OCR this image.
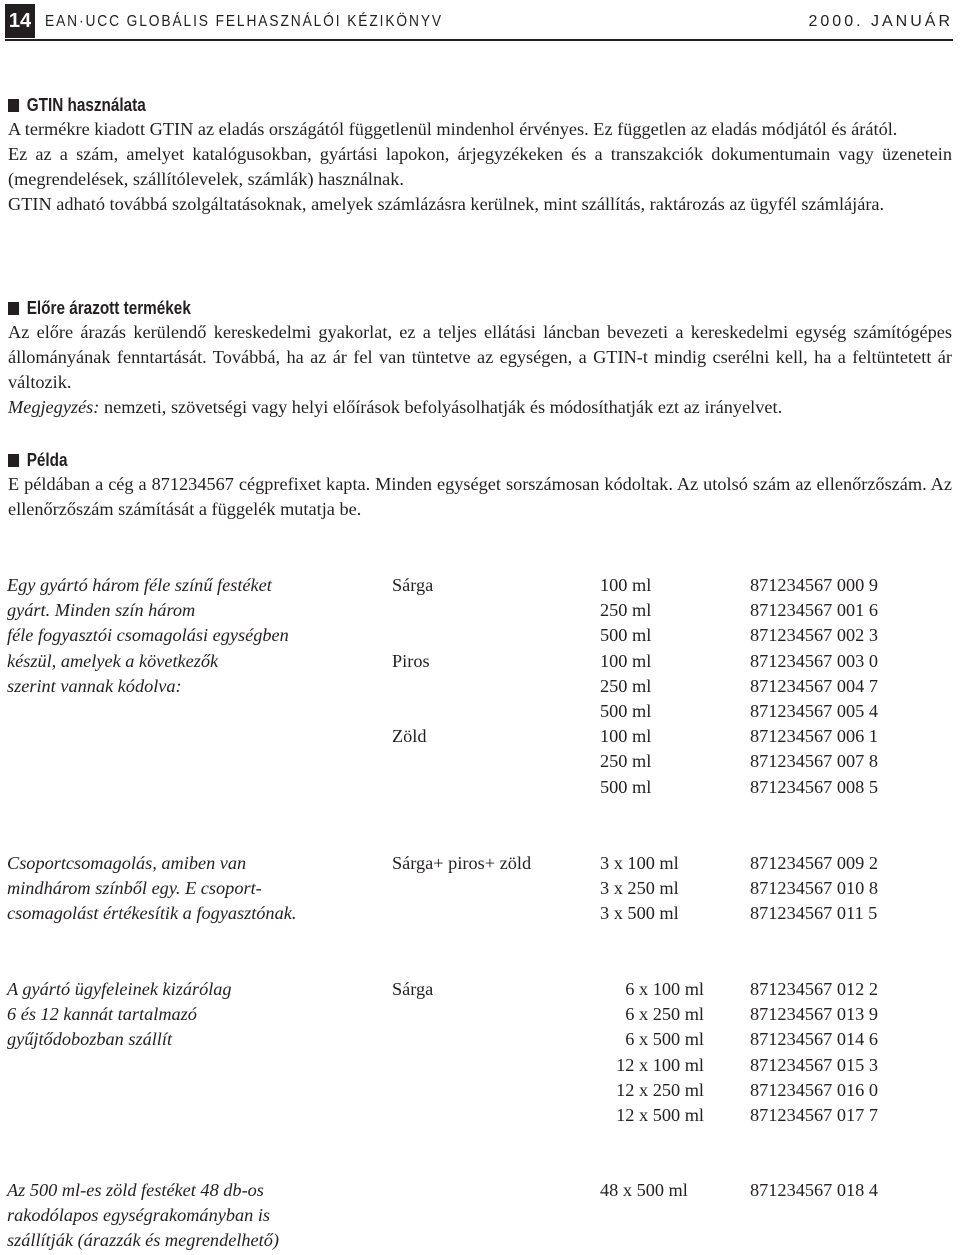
14 EAN·UCC GLOBÁLIS FELHASZNÁLÓI KÉZIKÖNYV	2000. JANUÁR
GTIN használata

A termékre kiadott GTIN az eladás országától függetlenül mindenhol érvényes. Ez független az eladás módjától és árától.

Ez az a szám, amelyet katalógusokban, gyártási lapokon, árjegyzékeken és a transzakciók dokumentumain vagy üzenetein (megrendelések, szállítólevelek, számlák) használnak.

GTIN adható továbbá szolgáltatásoknak, amelyek számlázásra kerülnek, mint szállítás, raktározás az ügyfél számlájára.

Előre árazott termékek

Az előre árazás kerülendő kereskedelmi gyakorlat, ez a teljes ellátási láncban bevezeti a kereskedelmi egység számítógépes állományának fenntartását. Továbbá, ha az ár fel van tüntetve az egységen, a GTIN-t mindig cserélni kell, ha a feltüntetett ár változik.

Megjegyzés: nemzeti, szövetségi vagy helyi előírások befolyásolhatják és módosíthatják ezt az irányelvet.

Példa

E példában a cég a 871234567 cégprefixet kapta. Minden egységet sorszámosan kódoltak. Az utolsó szám az ellenőrzőszám. Az ellenőrzőszám számítását a függelék mutatja be.

Egy gyártó három féle színű festéket
gyárt. Minden szín három
féle fogyasztói csomagolási egységben
készül, amelyek a következők
szerint vannak kódolva:
Sárga	100 ml	871234567 000 9
250 ml	871234567 001 6
500 ml	871234567 002 3
Piros	100 ml	871234567 003 0
250 ml	871234567 004 7
500 ml	871234567 005 4
Zöld	100 ml	871234567 006 1
250 ml	871234567 007 8
500 ml	871234567 008 5
Csoportcsomagolás, amiben van
mindhárom színből egy. E csoport-
csomagolást értékesítik a fogyasztónak.
Sárga+ piros+ zöld	3 x 100 ml	871234567 009 2
3 x 250 ml	871234567 010 8
3 x 500 ml	871234567 011 5
A gyártó ügyfeleinek kizárólag
6 és 12 kannát tartalmazó
gyűjtődobozban szállít
Sárga	6 x 100 ml	871234567 012 2
6 x 250 ml	871234567 013 9
6 x 500 ml	871234567 014 6
12 x 100 ml	871234567 015 3
12 x 250 ml	871234567 016 0
12 x 500 ml	871234567 017 7
Az 500 ml-es zöld festéket 48 db-os
rakodólapos egységrakományban is
szállítják (árazzák és megrendelhető)
48 x 500 ml	871234567 018 4
